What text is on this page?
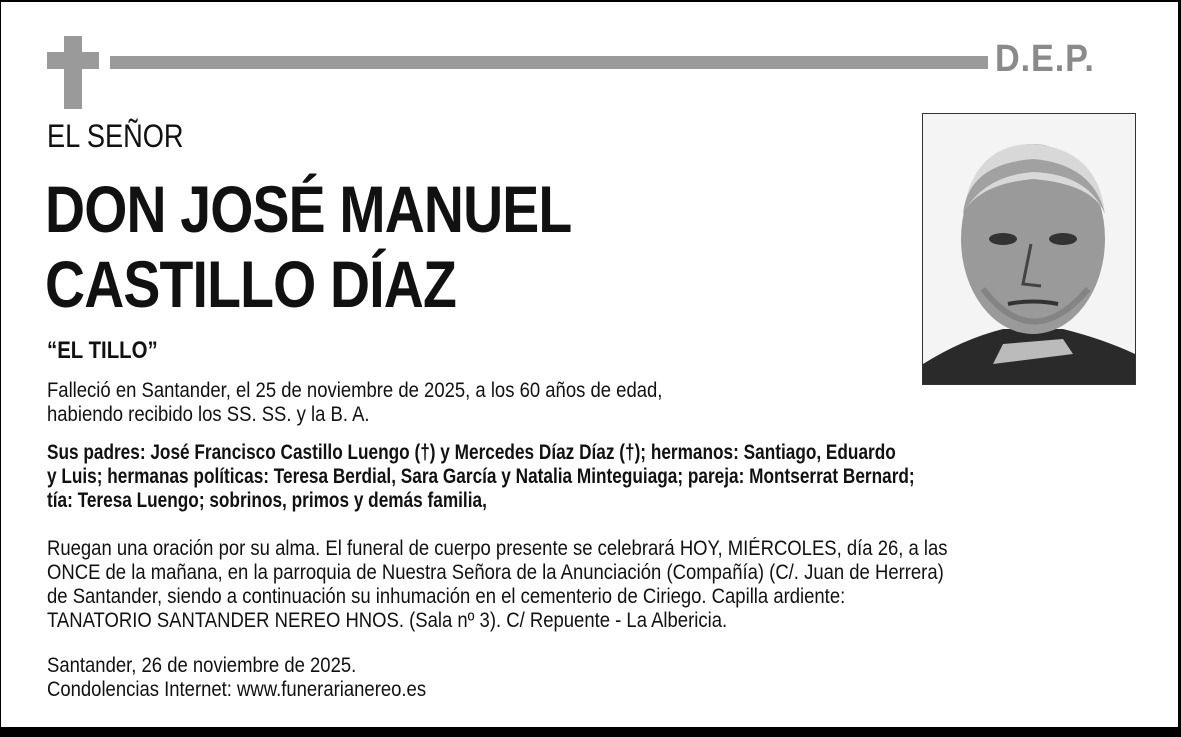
D.E.P.
EL SEÑOR
DON JOSÉ MANUEL
CASTILLO DÍAZ
“EL TILLO”
Falleció en Santander, el 25 de noviembre de 2025, a los 60 años de edad,
habiendo recibido los SS. SS. y la B. A.
Sus padres: José Francisco Castillo Luengo (†) y Mercedes Díaz Díaz (†); hermanos: Santiago, Eduardo
y Luis; hermanas políticas: Teresa Berdial, Sara García y Natalia Minteguiaga; pareja: Montserrat Bernard;
tía: Teresa Luengo; sobrinos, primos y demás familia,
Ruegan una oración por su alma. El funeral de cuerpo presente se celebrará HOY, MIÉRCOLES, día 26, a las
ONCE de la mañana, en la parroquia de Nuestra Señora de la Anunciación (Compañía) (C/. Juan de Herrera)
de Santander, siendo a continuación su inhumación en el cementerio de Ciriego. Capilla ardiente:
TANATORIO SANTANDER NEREO HNOS. (Sala nº 3). C/ Repuente - La Albericia.
Santander, 26 de noviembre de 2025.
Condolencias Internet: www.funerarianereo.es
